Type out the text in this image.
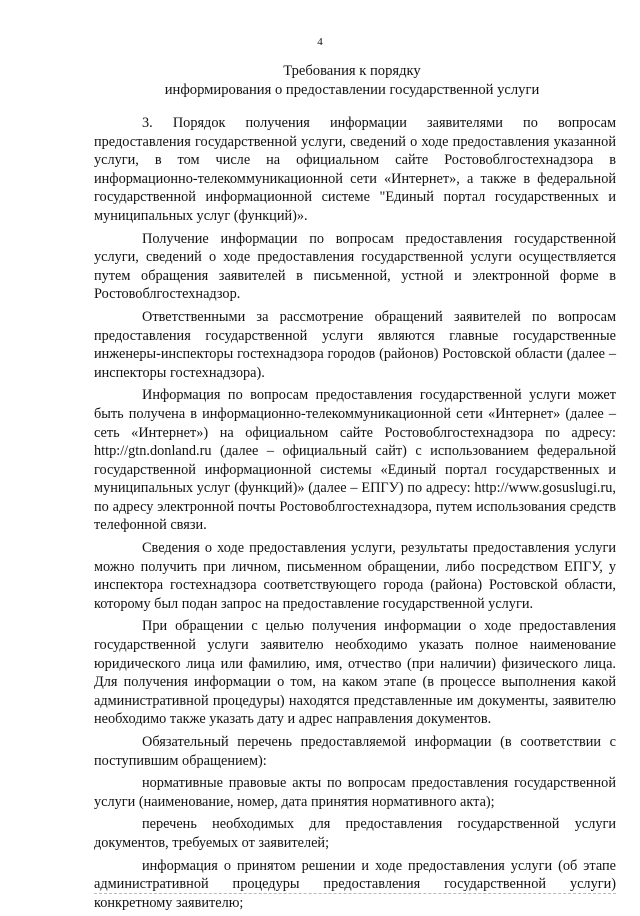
4
Требования к порядку
информирования о предоставлении государственной услуги

3. Порядок получения информации заявителями по вопросам предоставления государственной услуги, сведений о ходе предоставления указанной услуги, в том числе на официальном сайте Ростовоблгостехнадзора в информационно-телекоммуникационной сети «Интернет», а также в федеральной государственной информационной системе "Единый портал государственных и муниципальных услуг (функций)».

Получение информации по вопросам предоставления государственной услуги, сведений о ходе предоставления государственной услуги осуществляется путем обращения заявителей в письменной, устной и электронной форме в Ростовоблгостехнадзор.

Ответственными за рассмотрение обращений заявителей по вопросам предоставления государственной услуги являются главные государственные инженеры-инспекторы гостехнадзора городов (районов) Ростовской области (далее – инспекторы гостехнадзора).

Информация по вопросам предоставления государственной услуги может быть получена в информационно-телекоммуникационной сети «Интернет» (далее – сеть «Интернет») на официальном сайте Ростовоблгостехнадзора по адресу: http://gtn.donland.ru (далее – официальный сайт) с использованием федеральной государственной информационной системы «Единый портал государственных и муниципальных услуг (функций)» (далее – ЕПГУ) по адресу: http://www.gosuslugi.ru, по адресу электронной почты Ростовоблгостехнадзора, путем использования средств телефонной связи.

Сведения о ходе предоставления услуги, результаты предоставления услуги можно получить при личном, письменном обращении, либо посредством ЕПГУ, у инспектора гостехнадзора соответствующего города (района) Ростовской области, которому был подан запрос на предоставление государственной услуги.

При обращении с целью получения информации о ходе предоставления государственной услуги заявителю необходимо указать полное наименование юридического лица или фамилию, имя, отчество (при наличии) физического лица. Для получения информации о том, на каком этапе (в процессе выполнения какой административной процедуры) находятся представленные им документы, заявителю необходимо также указать дату и адрес направления документов.

Обязательный перечень предоставляемой информации (в соответствии с поступившим обращением):

нормативные правовые акты по вопросам предоставления государственной услуги (наименование, номер, дата принятия нормативного акта);

перечень необходимых для предоставления государственной услуги документов, требуемых от заявителей;

информация о принятом решении и ходе предоставления услуги (об этапе административной процедуры предоставления государственной услуги) конкретному заявителю;
